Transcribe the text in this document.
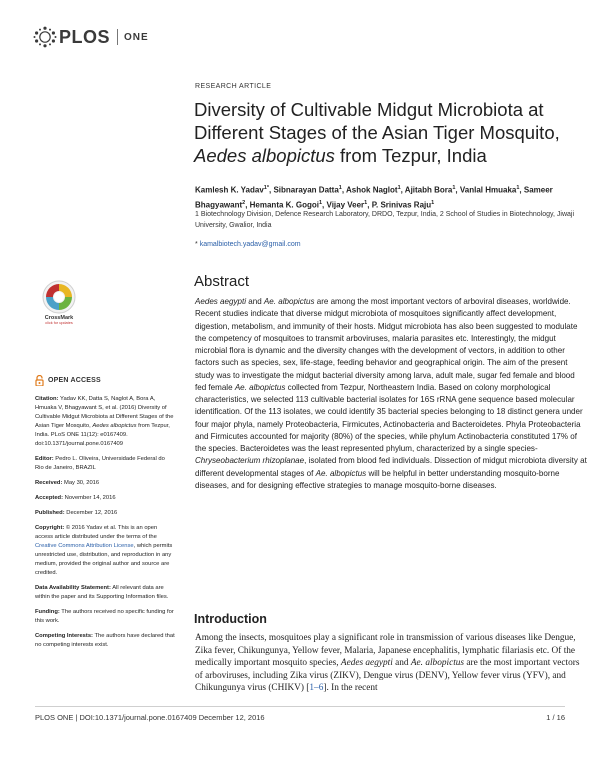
PLOS ONE
RESEARCH ARTICLE
Diversity of Cultivable Midgut Microbiota at
Different Stages of the Asian Tiger Mosquito,
Aedes albopictus from Tezpur, India
Kamlesh K. Yadav$^{1*}$, Sibnarayan Datta$^1$, Ashok Naglot$^1$, Ajitabh Bora$^1$, Vanlal Hmuaka$^1$, Sameer Bhagyawant$^2$, Hemanta K. Gogoi$^1$, Vijay Veer$^1$, P. Srinivas Raju$^1$
1 Biotechnology Division, Defence Research Laboratory, DRDO, Tezpur, India, 2 School of Studies in Biotechnology, Jiwaji University, Gwalior, India
* kamalbiotech.yadav@gmail.com
CrossMark
click for updates
OPEN ACCESS
Citation: Yadav KK, Datta S, Naglot A, Bora A, Hmuaka V, Bhagyawant S, et al. (2016) Diversity of Cultivable Midgut Microbiota at Different Stages of the Asian Tiger Mosquito, Aedes albopictus from Tezpur, India. PLoS ONE 11(12): e0167409. doi:10.1371/journal.pone.0167409
Editor: Pedro L. Oliveira, Universidade Federal do Rio de Janeiro, BRAZIL
Received: May 30, 2016
Accepted: November 14, 2016
Published: December 12, 2016
Copyright: © 2016 Yadav et al. This is an open access article distributed under the terms of the Creative Commons Attribution License, which permits unrestricted use, distribution, and reproduction in any medium, provided the original author and source are credited.
Data Availability Statement: All relevant data are within the paper and its Supporting Information files.
Funding: The authors received no specific funding for this work.
Competing Interests: The authors have declared that no competing interests exist.
Abstract
Aedes aegypti and Ae. albopictus are among the most important vectors of arboviral diseases, worldwide. Recent studies indicate that diverse midgut microbiota of mosquitoes significantly affect development, digestion, metabolism, and immunity of their hosts. Midgut microbiota has also been suggested to modulate the competency of mosquitoes to transmit arboviruses, malaria parasites etc. Interestingly, the midgut microbial flora is dynamic and the diversity changes with the development of vectors, in addition to other factors such as species, sex, life-stage, feeding behavior and geographical origin. The aim of the present study was to investigate the midgut bacterial diversity among larva, adult male, sugar fed female and blood fed female Ae. albopictus collected from Tezpur, Northeastern India. Based on colony morphological characteristics, we selected 113 cultivable bacterial isolates for 16S rRNA gene sequence based molecular identification. Of the 113 isolates, we could identify 35 bacterial species belonging to 18 distinct genera under four major phyla, namely Proteobacteria, Firmicutes, Actinobacteria and Bacteroidetes. Phyla Proteobacteria and Firmicutes accounted for majority (80%) of the species, while phylum Actinobacteria constituted 17% of the species. Bacteroidetes was the least represented phylum, characterized by a single species- Chryseobacterium rhizoplanae, isolated from blood fed individuals. Dissection of midgut microbiota diversity at different developmental stages of Ae. albopictus will be helpful in better understanding mosquito-borne diseases, and for designing effective strategies to manage mosquito-borne diseases.
Introduction
Among the insects, mosquitoes play a significant role in transmission of various diseases like Dengue, Zika fever, Chikungunya, Yellow fever, Malaria, Japanese encephalitis, lymphatic filariasis etc. Of the medically important mosquito species, Aedes aegypti and Ae. albopictus are the most important vectors of arboviruses, including Zika virus (ZIKV), Dengue virus (DENV), Yellow fever virus (YFV), and Chikungunya virus (CHIKV) [1–6]. In the recent
PLOS ONE | DOI:10.1371/journal.pone.0167409 December 12, 2016	1 / 16
